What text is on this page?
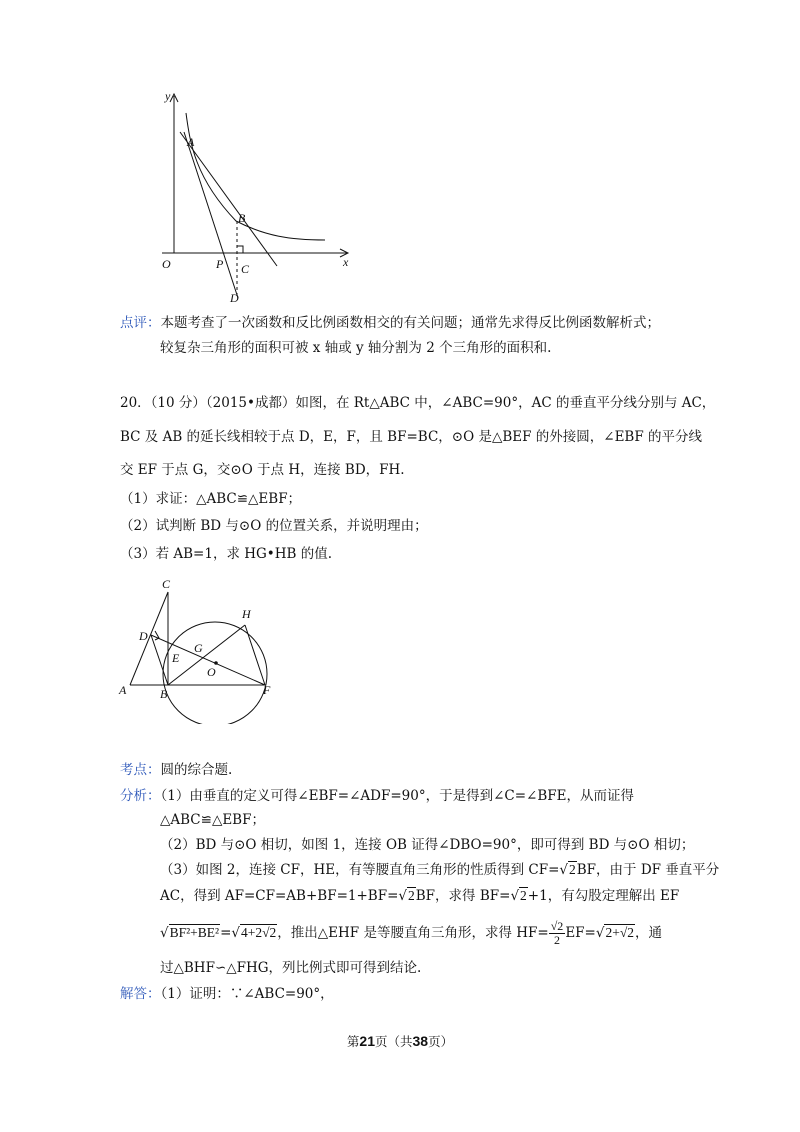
y
x
O
A
B
P C
D
点评：本题考查了一次函数和反比例函数相交的有关问题；通常先求得反比例函数解析式；
较复杂三角形的面积可被 x 轴或 y 轴分割为 2 个三角形的面积和.
20．（10 分）（2015•成都）如图，在 Rt△ABC 中，∠ABC=90°，AC 的垂直平分线分别与 AC，
BC 及 AB 的延长线相较于点 D，E，F，且 BF=BC，⊙O 是△BEF 的外接圆，∠EBF 的平分线
交 EF 于点 G，交⊙O 于点 H，连接 BD，FH.
（1）求证：△ABC≌△EBF；
（2）试判断 BD 与⊙O 的位置关系，并说明理由；
（3）若 AB=1，求 HG•HB 的值.
C
D
H
E
G
O
A	B	F
考点：圆的综合题.
分析：（1）由垂直的定义可得∠EBF=∠ADF=90°，于是得到∠C=∠BFE，从而证得
△ABC≌△EBF；
（2）BD 与⊙O 相切，如图 1，连接 OB 证得∠DBO=90°，即可得到 BD 与⊙O 相切；
（3）如图 2，连接 CF，HE，有等腰直角三角形的性质得到 CF=√2BF，由于 DF 垂直平分
AC，得到 AF=CF=AB+BF=1+BF=√2BF，求得 BF=√2+1，有勾股定理解出 EF
√BF²+BE²=√4+2√2，推出△EHF 是等腰直角三角形，求得 $HF= \frac{√2}{2} EF=√2+√2$，通
过△BHF∽△FHG，列比例式即可得到结论.
解答：（1）证明：∵∠ABC=90°，
第21页（共38页）
